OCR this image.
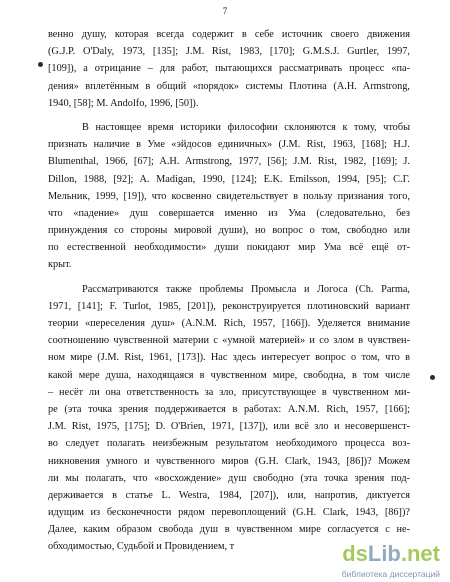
7
венно душу, которая всегда содержит в себе источник своего движения
(G.J.P. O'Daly, 1973, [135]; J.M. Rist, 1983, [170]; G.M.S.J. Gurtler, 1997,
[109]), а отрицание – для работ, пытающихся рассматривать процесс «па-
дения» вплетённым в общий «порядок» системы Плотина (A.H. Armstrong,
1940, [58]; M. Andolfo, 1996, [50]).
В настоящее время историки философии склоняются к тому, чтобы
признать наличие в Уме «эйдосов единичных» (J.M. Rist, 1963, [168]; H.J.
Blumenthal, 1966, [67]; A.H. Armstrong, 1977, [56]; J.M. Rist, 1982, [169]; J.
Dillon, 1988, [92]; A. Madigan, 1990, [124]; E.K. Emilsson, 1994, [95]; С.Г.
Мельник, 1999, [19]), что косвенно свидетельствует в пользу признания того,
что «падение» душ совершается именно из Ума (следовательно, без
принуждения со стороны мировой души), но вопрос о том, свободно или
по естественной необходимости» души покидают мир Ума всё ещё от-
крыт.
Рассматриваются также проблемы Промысла и Логоса (Ch. Parma,
1971, [141]; F. Turlot, 1985, [201]), реконструируется плотиновский вариант
теории «переселения душ» (A.N.M. Rich, 1957, [166]). Уделяется внимание
соотношению чувственной материи с «умной материей» и со злом в чувствен-
ном мире (J.M. Rist, 1961, [173]). Нас здесь интересует вопрос о том, что в
какой мере душа, находящаяся в чувственном мире, свободна, в том числе
– несёт ли она ответственность за зло, присутствующее в чувственном ми-
ре (эта точка зрения поддерживается в работах: A.N.M. Rich, 1957, [166];
J.M. Rist, 1975, [175]; D. O'Brien, 1971, [137]), или всё зло и несовершенст-
во следует полагать неизбежным результатом необходимого процесса воз-
никновения умного и чувственного миров (G.H. Clark, 1943, [86])? Можем
ли мы полагать, что «восхождение» душ свободно (эта точка зрения под-
держивается в статье L. Westra, 1984, [207]), или, напротив, диктуется
идущим из бесконечности рядом перевоплощений (G.H. Clark, 1943, [86])?
Далее, каким образом свобода душ в чувственном мире согласуется с не-
обходимостью, Судьбой и Провидением, т	dsLib.net
библиотека диссертаций
